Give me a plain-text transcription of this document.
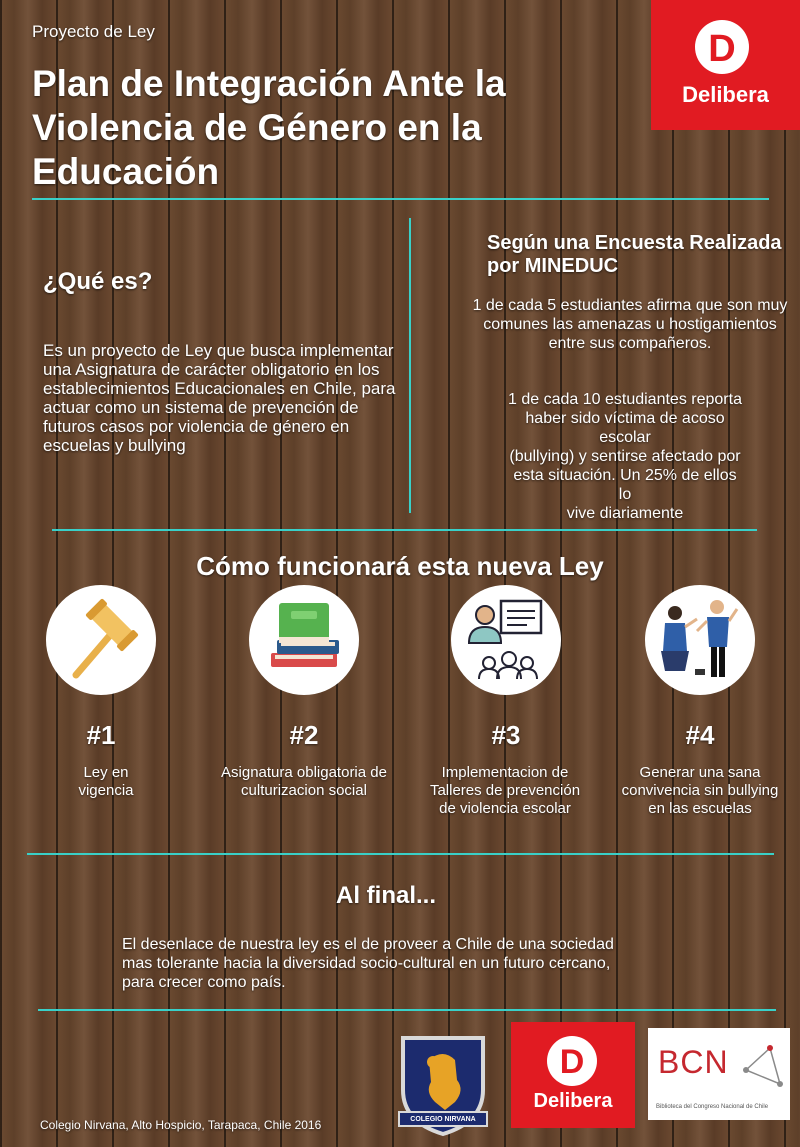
Proyecto de Ley
Plan de Integración Ante la Violencia de Género en la Educación
D
Delibera
¿Qué es?
Es un proyecto de Ley que busca implementar una Asignatura de carácter obligatorio en los establecimientos Educacionales en Chile, para actuar como un sistema de prevención de futuros casos por violencia de género en escuelas y bullying
Según una Encuesta Realizada por MINEDUC
1 de cada 5 estudiantes afirma que son muy comunes las amenazas u hostigamientos entre sus compañeros.
1 de cada 10 estudiantes reporta
haber sido víctima de acoso
escolar
(bullying) y sentirse afectado por
esta situación. Un 25% de ellos
lo
vive diariamente
Cómo funcionará esta nueva Ley
#1	#2	#3	#4
Ley en vigencia
Asignatura obligatoria de culturizacion social
Implementacion de Talleres de prevención de violencia escolar
Generar una sana convivencia sin bullying en las escuelas
Al final...
El desenlace de nuestra ley es el de proveer a Chile de una sociedad mas tolerante hacia la diversidad socio-cultural en un futuro cercano, para crecer como país.
COLEGIO NIRVANA
D
Delibera
BCN
Biblioteca del Congreso Nacional de Chile
Colegio Nirvana, Alto Hospicio, Tarapaca, Chile 2016
